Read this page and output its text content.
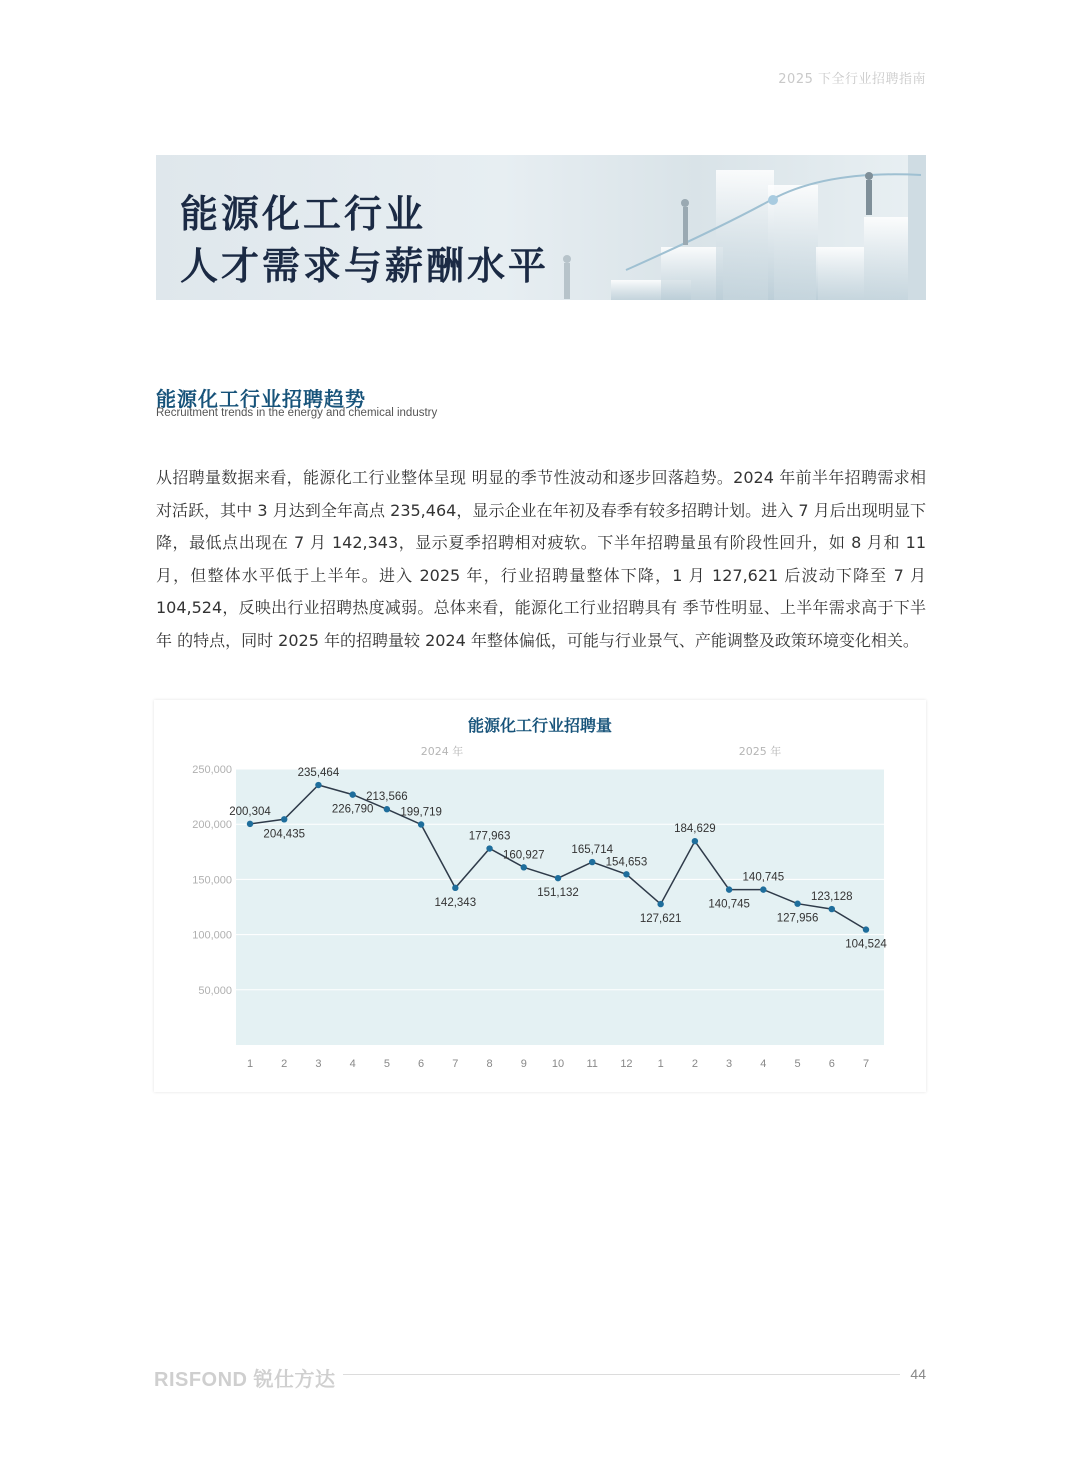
2025 下全行业招聘指南
能源化工行业
人才需求与薪酬水平
能源化工行业招聘趋势
Recruitment trends in the energy and chemical industry
从招聘量数据来看，能源化工行业整体呈现 明显的季节性波动和逐步回落趋势。2024 年前半年招聘需求相对活跃，其中 3 月达到全年高点 235,464，显示企业在年初及春季有较多招聘计划。进入 7 月后出现明显下降，最低点出现在 7 月 142,343，显示夏季招聘相对疲软。下半年招聘量虽有阶段性回升，如 8 月和 11 月，但整体水平低于上半年。进入 2025 年，行业招聘量整体下降，1 月 127,621 后波动下降至 7 月 104,524，反映出行业招聘热度减弱。总体来看，能源化工行业招聘具有 季节性明显、上半年需求高于下半年 的特点，同时 2025 年的招聘量较 2024 年整体偏低，可能与行业景气、产能调整及政策环境变化相关。
能源化工行业招聘量
2024 年	2025 年
250,000
200,000
150,000
100,000
50,000
1	2	3	4	5	6	7	8	9 10 11 12 1	2	3	4	5	6	7
200,304
204,435
235,464
226,790
213,566
199,719
142,343
177,963
160,927
151,132
165,714
154,653
127,621
184,629
140,745
140,745
127,956
123,128
104,524
RISFOND 锐仕方达	44
